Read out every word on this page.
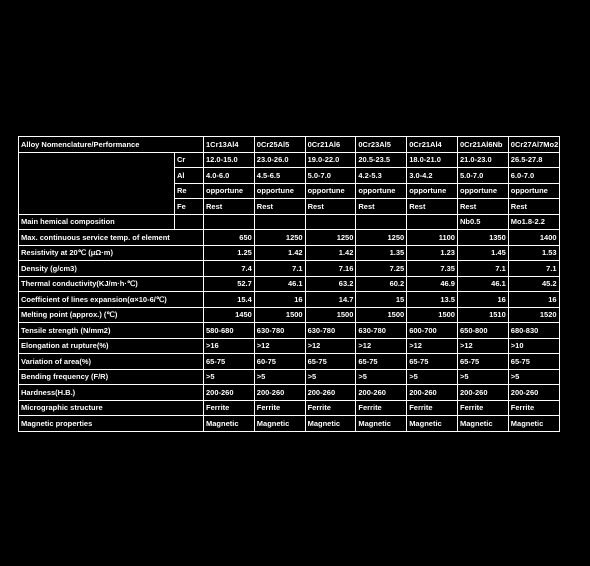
Alloy Nomenclature/Performance		1Cr13Al4	0Cr25Al5	0Cr21Al6	0Cr23Al5	0Cr21Al4	0Cr21Al6Nb	0Cr27Al7Mo2
	Cr	12.0-15.0	23.0-26.0	19.0-22.0	20.5-23.5	18.0-21.0	21.0-23.0	26.5-27.8
	Al	4.0-6.0	4.5-6.5	5.0-7.0	4.2-5.3	3.0-4.2	5.0-7.0	6.0-7.0
	Re	opportune	opportune	opportune	opportune	opportune	opportune	opportune
	Fe	Rest	Rest	Rest	Rest	Rest	Rest	Rest
Main hemical composition							Nb0.5	Mo1.8-2.2
Max. continuous service temp. of element		650	1250	1250	1250	1100	1350	1400
Resistivity at 20℃ (μΩ·m)		1.25	1.42	1.42	1.35	1.23	1.45	1.53
Density (g/cm3)		7.4	7.1	7.16	7.25	7.35	7.1	7.1
Thermal conductivity(KJ/m·h·℃)		52.7	46.1	63.2	60.2	46.9	46.1	45.2
Coefficient of lines expansion(α×10-6/℃)		15.4	16	14.7	15	13.5	16	16
Melting point (approx.) (℃)		1450	1500	1500	1500	1500	1510	1520
Tensile strength (N/mm2)		580-680	630-780	630-780	630-780	600-700	650-800	680-830
Elongation at rupture(%)		>16	>12	>12	>12	>12	>12	>10
Variation of area(%)		65-75	60-75	65-75	65-75	65-75	65-75	65-75
Bending frequency (F/R)		>5	>5	>5	>5	>5	>5	>5
Hardness(H.B.)		200-260	200-260	200-260	200-260	200-260	200-260	200-260
Micrographic structure		Ferrite	Ferrite	Ferrite	Ferrite	Ferrite	Ferrite	Ferrite
Magnetic properties		Magnetic	Magnetic	Magnetic	Magnetic	Magnetic	Magnetic	Magnetic
